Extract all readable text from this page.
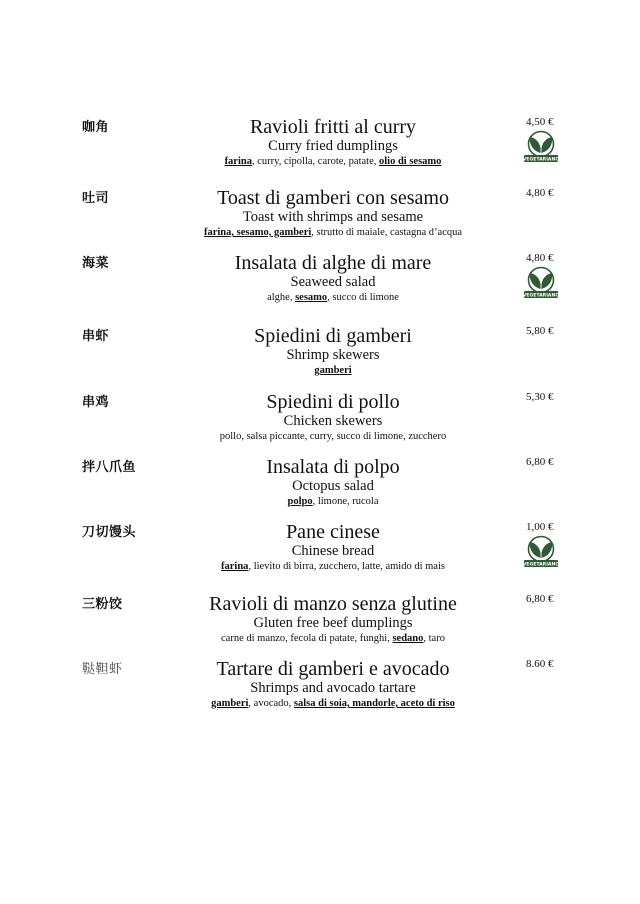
咖角	Ravioli fritti al curry
Curry fried dumplings
farina, curry, cipolla, carote, patate, olio di sesamo
4,50 €
VEGETARIANO
吐司	Toast di gamberi con sesamo
Toast with shrimps and sesame
farina, sesamo, gamberi, strutto di maiale, castagna d’acqua
4,80 €
海菜	Insalata di alghe di mare
Seaweed salad
alghe, sesamo, succo di limone
4,80 €
VEGETARIANO
串虾	Spiedini di gamberi
Shrimp skewers
gamberi
5,80 €
串鸡	Spiedini di pollo
Chicken skewers
pollo, salsa piccante, curry, succo di limone, zucchero
5,30 €
拌八爪鱼	Insalata di polpo
Octopus salad
polpo, limone, rucola
6,80 €
刀切馒头	Pane cinese
Chinese bread
farina, lievito di birra, zucchero, latte, amido di mais
1,00 €
VEGETARIANO
三粉饺	Ravioli di manzo senza glutine
Gluten free beef dumplings
carne di manzo, fecola di patate, funghi, sedano, taro
6,80 €
鞑靼虾	Tartare di gamberi e avocado
Shrimps and avocado tartare
gamberi, avocado, salsa di soia, mandorle, aceto di riso
8.60 €
